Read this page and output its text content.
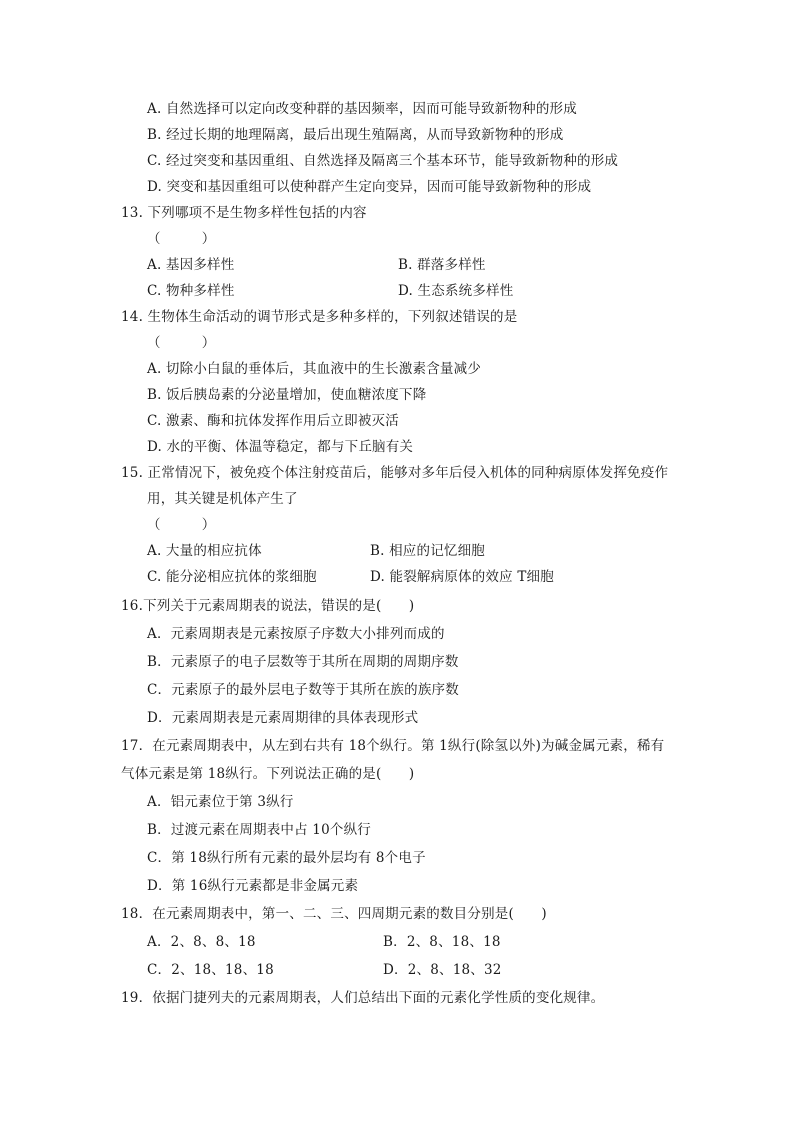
A. 自然选择可以定向改变种群的基因频率，因而可能导致新物种的形成
B. 经过长期的地理隔离，最后出现生殖隔离，从而导致新物种的形成
C. 经过突变和基因重组、自然选择及隔离三个基本环节，能导致新物种的形成
D. 突变和基因重组可以使种群产生定向变异，因而可能导致新物种的形成
13. 下列哪项不是生物多样性包括的内容
（　　　）
A. 基因多样性	B. 群落多样性
C. 物种多样性	D. 生态系统多样性
14. 生物体生命活动的调节形式是多种多样的，下列叙述错误的是
（　　　）
A. 切除小白鼠的垂体后，其血液中的生长激素含量减少
B. 饭后胰岛素的分泌量增加，使血糖浓度下降
C. 激素、酶和抗体发挥作用后立即被灭活
D. 水的平衡、体温等稳定，都与下丘脑有关
15. 正常情况下，被免疫个体注射疫苗后，能够对多年后侵入机体的同种病原体发挥免疫作
用，其关键是机体产生了
（　　　）
A. 大量的相应抗体	B. 相应的记忆细胞
C. 能分泌相应抗体的浆细胞	D. 能裂解病原体的效应 T细胞
16.下列关于元素周期表的说法，错误的是(　　)
A．元素周期表是元素按原子序数大小排列而成的
B．元素原子的电子层数等于其所在周期的周期序数
C．元素原子的最外层电子数等于其所在族的族序数
D．元素周期表是元素周期律的具体表现形式
17．在元素周期表中，从左到右共有 18个纵行。第 1纵行(除氢以外)为碱金属元素，稀有
气体元素是第 18纵行。下列说法正确的是(　　)
A．铝元素位于第 3纵行
B．过渡元素在周期表中占 10个纵行
C．第 18纵行所有元素的最外层均有 8个电子
D．第 16纵行元素都是非金属元素
18．在元素周期表中，第一、二、三、四周期元素的数目分别是(　　)
A．2、8、8、18	B．2、8、18、18
C．2、18、18、18	D．2、8、18、32
19．依据门捷列夫的元素周期表，人们总结出下面的元素化学性质的变化规律。
